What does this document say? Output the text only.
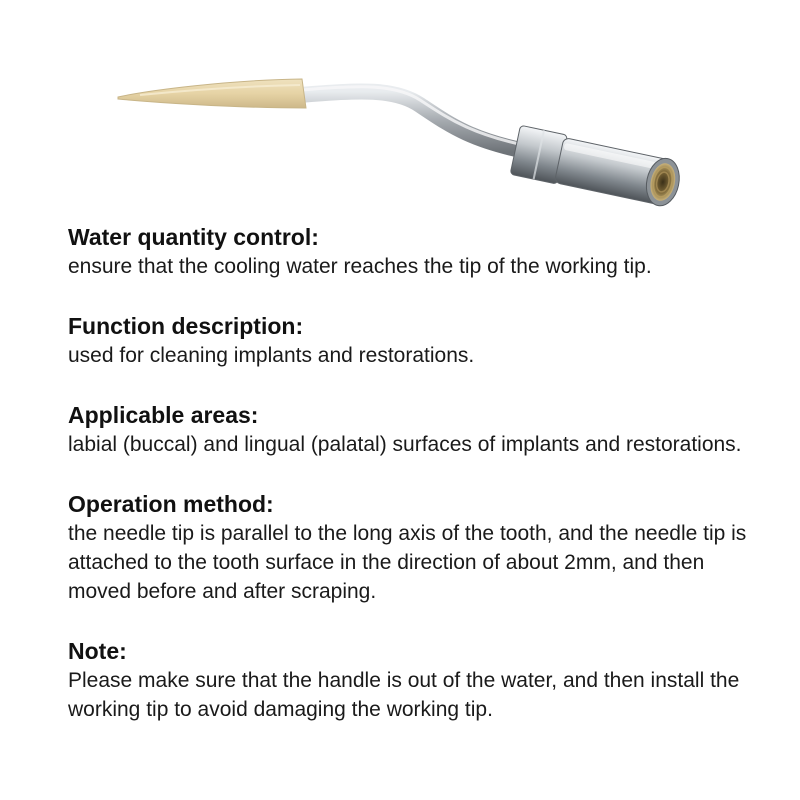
Water quantity control:

ensure that the cooling water reaches the tip of the working tip.

Function description:

used for cleaning implants and restorations.

Applicable areas:

labial (buccal) and lingual (palatal) surfaces of implants and restorations.

Operation method:

the needle tip is parallel to the long axis of the tooth, and the needle tip is attached to the tooth surface in the direction of about 2mm, and then moved before and after scraping.

Note:

Please make sure that the handle is out of the water, and then install the working tip to avoid damaging the working tip.
